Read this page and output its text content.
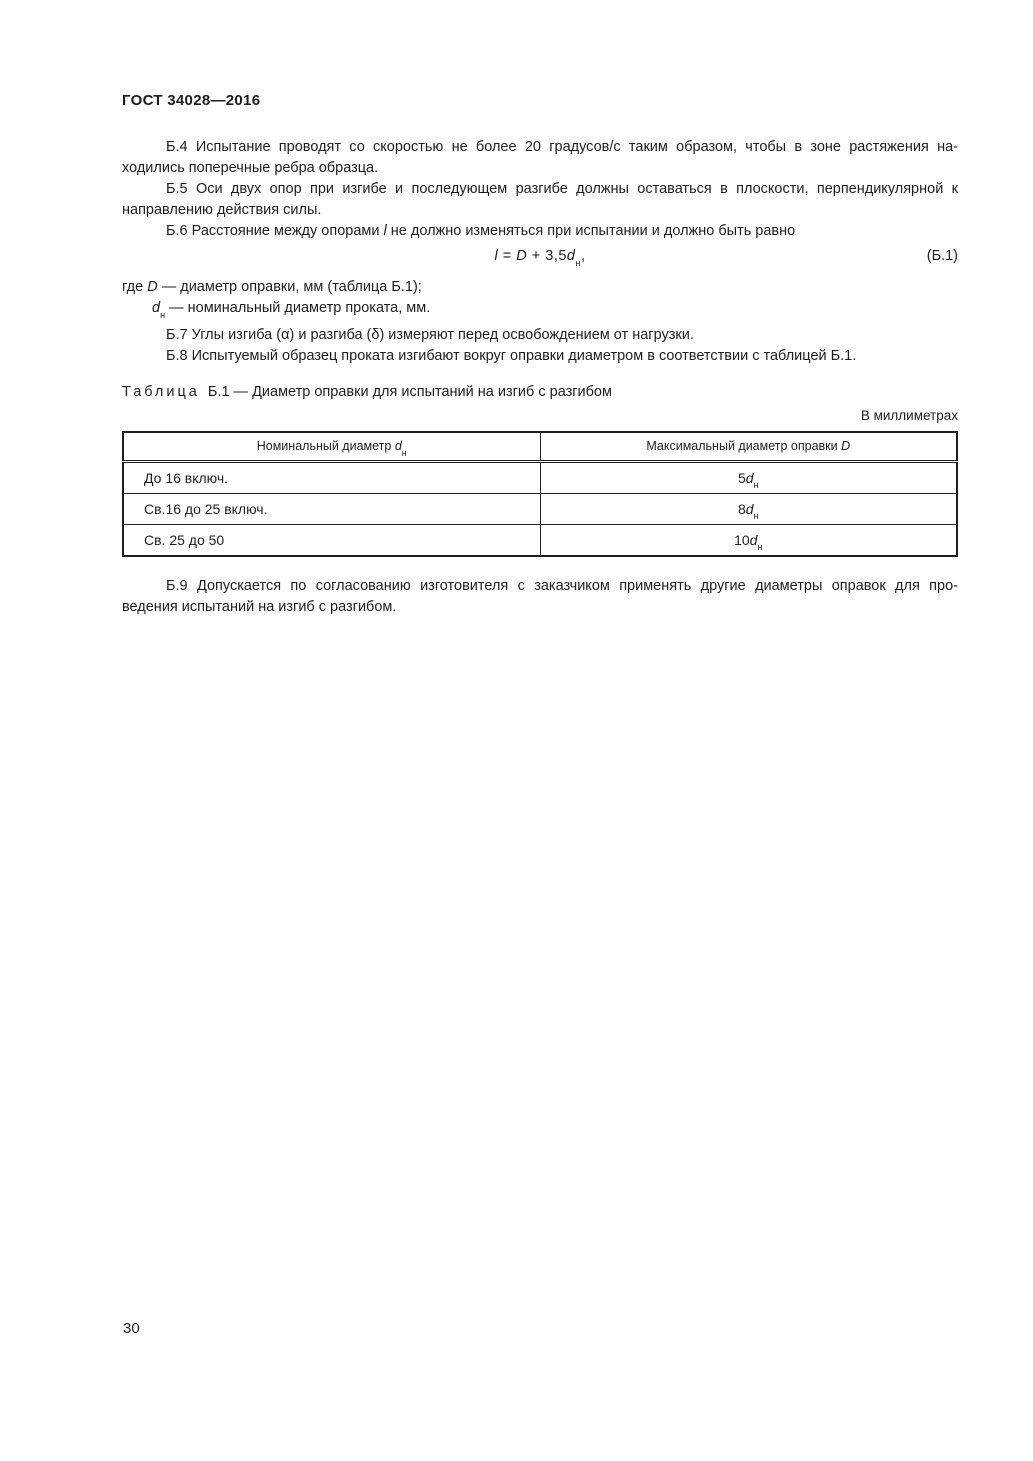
ГОСТ 34028—2016
Б.4 Испытание проводят со скоростью не более 20 градусов/с таким образом, чтобы в зоне растяжения на-
ходились поперечные ребра образца.
Б.5 Оси двух опор при изгибе и последующем разгибе должны оставаться в плоскости, перпендикулярной к
направлению действия силы.
Б.6 Расстояние между опорами l не должно изменяться при испытании и должно быть равно
$l = D + 3,5d_н$,	(Б.1)
где D — диаметр оправки, мм (таблица Б.1);
$d_н$ — номинальный диаметр проката, мм.
Б.7 Углы изгиба (α) и разгиба (δ) измеряют перед освобождением от нагрузки.
Б.8 Испытуемый образец проката изгибают вокруг оправки диаметром в соответствии с таблицей Б.1.
Таблица Б.1 — Диаметр оправки для испытаний на изгиб с разгибом
В миллиметрах
Номинальный диаметр $d_н$	Максимальный диаметр оправки D
До 16 включ.	$5d_н$
Св.16 до 25 включ.	$8d_н$
Св. 25 до 50	$10d_н$
Б.9 Допускается по согласованию изготовителя с заказчиком применять другие диаметры оправок для про-
ведения испытаний на изгиб с разгибом.
30
